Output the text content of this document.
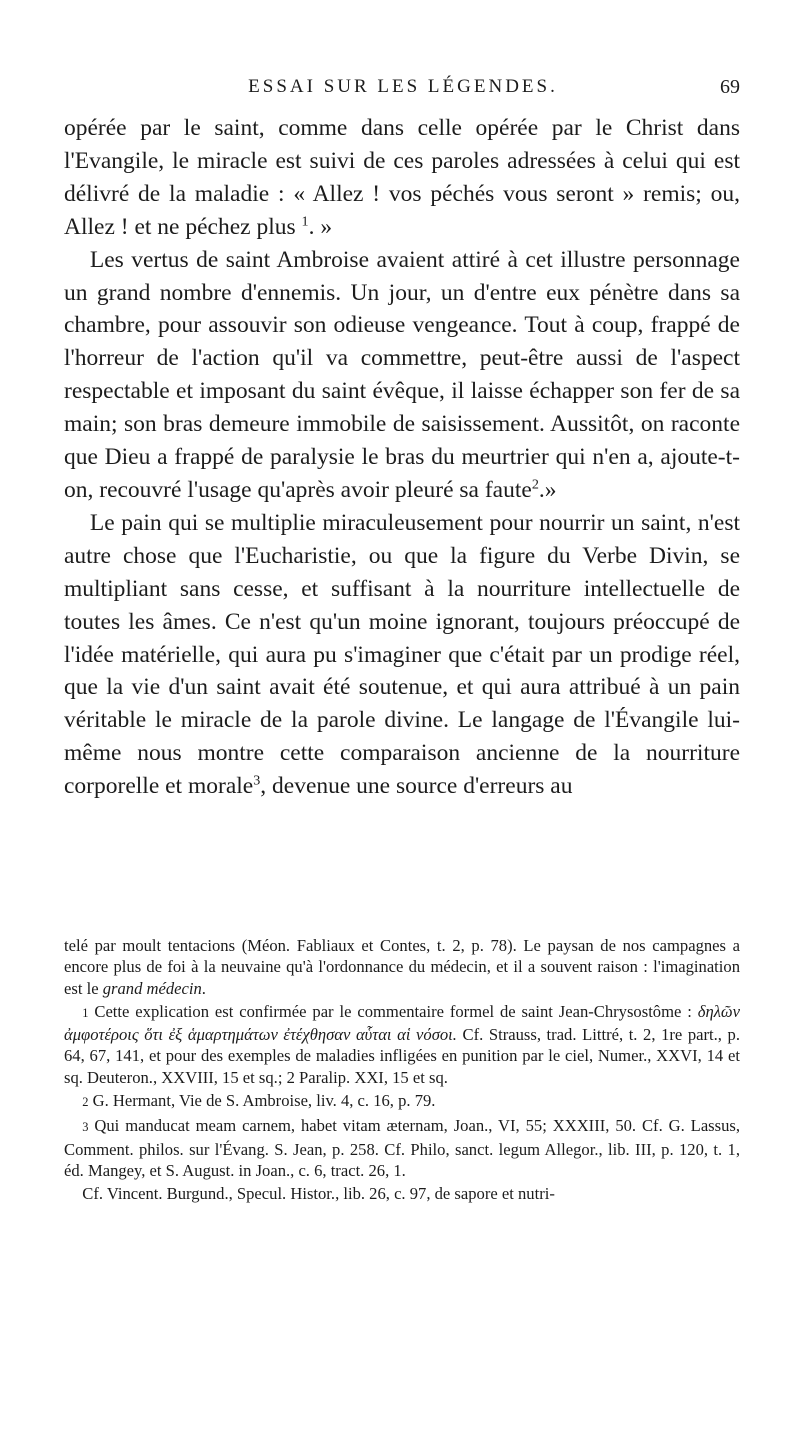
ESSAI SUR LES LÉGENDES.	69

opérée par le saint, comme dans celle opérée par le Christ dans l'Evangile, le miracle est suivi de ces paroles adressées à celui qui est délivré de la maladie : « Allez ! vos péchés vous seront » remis; ou, Allez ! et ne péchez plus $^1$. »

Les vertus de saint Ambroise avaient attiré à cet illustre personnage un grand nombre d'ennemis. Un jour, un d'entre eux pénètre dans sa chambre, pour assouvir son odieuse vengeance. Tout à coup, frappé de l'horreur de l'action qu'il va commettre, peut-être aussi de l'aspect respectable et imposant du saint évêque, il laisse échapper son fer de sa main; son bras demeure immobile de saisissement. Aussitôt, on raconte que Dieu a frappé de paralysie le bras du meurtrier qui n'en a, ajoute-t-on, recouvré l'usage qu'après avoir pleuré sa faute$^2$.»

Le pain qui se multiplie miraculeusement pour nourrir un saint, n'est autre chose que l'Eucharistie, ou que la figure du Verbe Divin, se multipliant sans cesse, et suffisant à la nourriture intellectuelle de toutes les âmes. Ce n'est qu'un moine ignorant, toujours préoccupé de l'idée matérielle, qui aura pu s'imaginer que c'était par un prodige réel, que la vie d'un saint avait été soutenue, et qui aura attribué à un pain véritable le miracle de la parole divine. Le langage de l'Évangile lui-même nous montre cette comparaison ancienne de la nourriture corporelle et morale$^3$, devenue une source d'erreurs au

telé par moult tentacions (Méon. Fabliaux et Contes, t. 2, p. 78). Le paysan de nos campagnes a encore plus de foi à la neuvaine qu'à l'ordonnance du médecin, et il a souvent raison : l'imagination est le grand médecin.

1 Cette explication est confirmée par le commentaire formel de saint Jean-Chrysostôme : δηλῶν ἀμφοτέροις ὅτι ἐξ ἁμαρτημάτων ἐτέχθησαν αὗται αἱ νόσοι. Cf. Strauss, trad. Littré, t. 2, 1re part., p. 64, 67, 141, et pour des exemples de maladies infligées en punition par le ciel, Numer., XXVI, 14 et sq. Deuteron., XXVIII, 15 et sq.; 2 Paralip. XXI, 15 et sq.

2 G. Hermant, Vie de S. Ambroise, liv. 4, c. 16, p. 79.

3 Qui manducat meam carnem, habet vitam æternam, Joan., VI, 55; XXXIII, 50. Cf. G. Lassus, Comment. philos. sur l'Évang. S. Jean, p. 258. Cf. Philo, sanct. legum Allegor., lib. III, p. 120, t. 1, éd. Mangey, et S. August. in Joan., c. 6, tract. 26, 1.

Cf. Vincent. Burgund., Specul. Histor., lib. 26, c. 97, de sapore et nutri-
